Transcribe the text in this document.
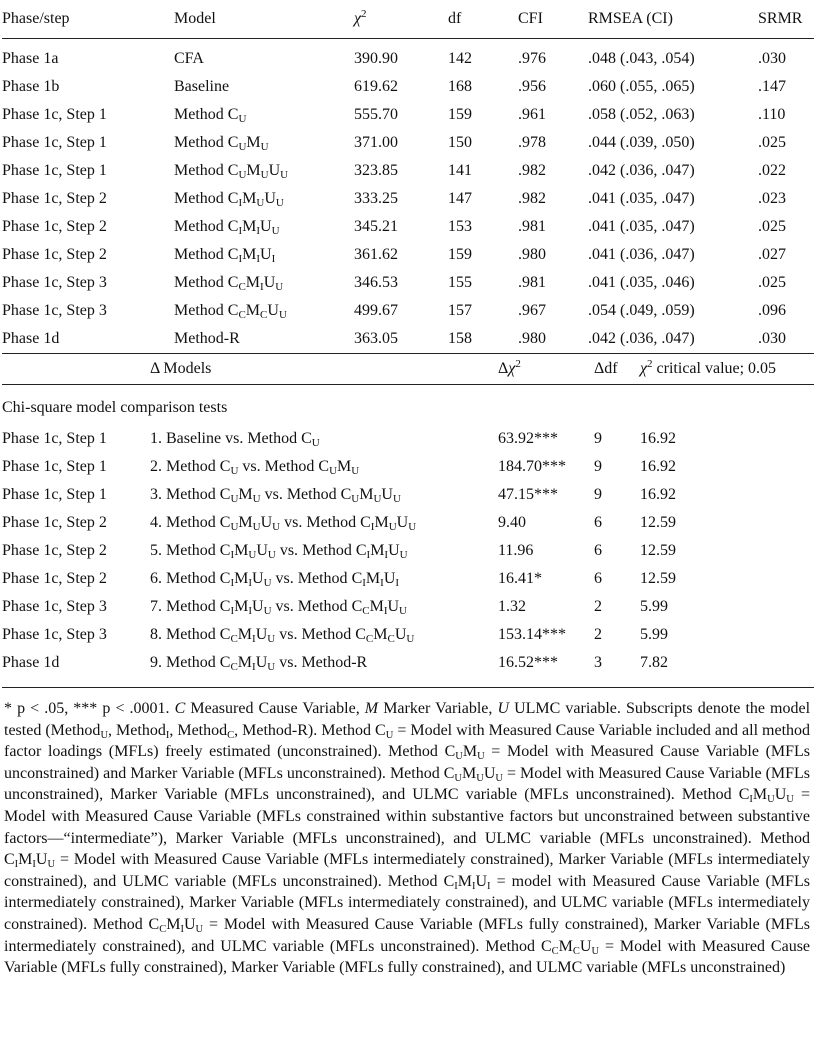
Phase/step	Model	$\chi^2$	df	CFI	RMSEA (CI)	SRMR

Phase 1a	CFA	390.90	142	.976	.048 (.043, .054)	.030
Phase 1b	Baseline	619.62	168	.956	.060 (.055, .065)	.147
Phase 1c, Step 1	Method $C_U$	555.70	159	.961	.058 (.052, .063)	.110
Phase 1c, Step 1	Method $C_UM_U$	371.00	150	.978	.044 (.039, .050)	.025
Phase 1c, Step 1	Method $C_UM_UU_U$	323.85	141	.982	.042 (.036, .047)	.022
Phase 1c, Step 2	Method $C_IM_UU_U$	333.25	147	.982	.041 (.035, .047)	.023
Phase 1c, Step 2	Method $C_IM_IU_U$	345.21	153	.981	.041 (.035, .047)	.025
Phase 1c, Step 2	Method $C_IM_IU_I$	361.62	159	.980	.041 (.036, .047)	.027
Phase 1c, Step 3	Method $C_CM_IU_U$	346.53	155	.981	.041 (.035, .046)	.025
Phase 1c, Step 3	Method $C_CM_CU_U$	499.67	157	.967	.054 (.049, .059)	.096
Phase 1d	Method-R	363.05	158	.980	.042 (.036, .047)	.030
	Δ Models	$\Delta\chi^2$	Δdf	$\chi^2$ critical value; 0.05
Chi-square model comparison tests				
Phase 1c, Step 1	1. Baseline vs. Method $C_U$	63.92***	9	16.92
Phase 1c, Step 1	2. Method $C_U$ vs. Method $C_UM_U$	184.70***	9	16.92
Phase 1c, Step 1	3. Method $C_UM_U$ vs. Method $C_UM_UU_U$	47.15***	9	16.92
Phase 1c, Step 2	4. Method $C_UM_UU_U$ vs. Method $C_IM_UU_U$	9.40	6	12.59
Phase 1c, Step 2	5. Method $C_IM_UU_U$ vs. Method $C_IM_IU_U$	11.96	6	12.59
Phase 1c, Step 2	6. Method $C_IM_IU_U$ vs. Method $C_IM_IU_I$	16.41*	6	12.59
Phase 1c, Step 3	7. Method $C_IM_IU_U$ vs. Method $C_CM_IU_U$	1.32	2	5.99
Phase 1c, Step 3	8. Method $C_CM_IU_U$ vs. Method $C_CM_CU_U$	153.14***	2	5.99
Phase 1d	9. Method $C_CM_IU_U$ vs. Method-R	16.52***	3	7.82

* p < .05, *** p < .0001. C Measured Cause Variable, M Marker Variable, U ULMC variable. Subscripts denote the model tested (Method$_U$, Method$_I$, Method$_C$, Method-R). Method $C_U$ = Model with Measured Cause Variable included and all method factor loadings (MFLs) freely estimated (unconstrained). Method $C_UM_U$ = Model with Measured Cause Variable (MFLs unconstrained) and Marker Variable (MFLs unconstrained). Method $C_UM_UU_U$ = Model with Measured Cause Variable (MFLs unconstrained), Marker Variable (MFLs unconstrained), and ULMC variable (MFLs unconstrained). Method $C_IM_UU_U$ = Model with Measured Cause Variable (MFLs constrained within substantive factors but unconstrained between substantive factors—“intermediate”), Marker Variable (MFLs unconstrained), and ULMC variable (MFLs unconstrained). Method $C_IM_IU_U$ = Model with Measured Cause Variable (MFLs intermediately constrained), Marker Variable (MFLs intermediately constrained), and ULMC variable (MFLs unconstrained). Method $C_IM_IU_I$ = model with Measured Cause Variable (MFLs intermediately constrained), Marker Variable (MFLs intermediately constrained), and ULMC variable (MFLs intermediately constrained). Method $C_CM_IU_U$ = Model with Measured Cause Variable (MFLs fully constrained), Marker Variable (MFLs intermediately constrained), and ULMC variable (MFLs unconstrained). Method $C_CM_CU_U$ = Model with Measured Cause Variable (MFLs fully constrained), Marker Variable (MFLs fully constrained), and ULMC variable (MFLs unconstrained)
